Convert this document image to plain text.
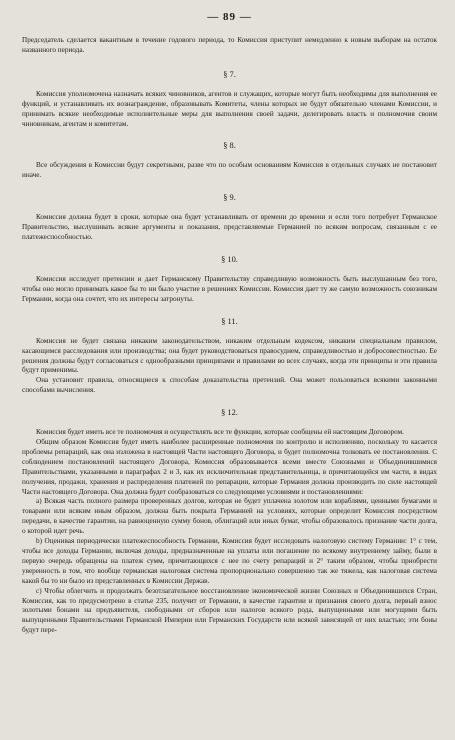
— 89 —

Председатель сделается вакантным в течение годового периода, то Комиссия приступит немедленно к новым выборам на остаток названного периода.

§ 7.

Комиссия уполномочена назначать всяких чиновников, агентов и служащих, которые могут быть необходимы для выполнения ее функций, и устанавливать их вознаграждение, образовывать Комитеты, члены которых не будут обязательно членами Комиссии, и принимать всякие необходимые исполнительные меры для выполнения своей задачи, делегировать власть и полномочия своим чиновникам, агентам и комитетам.

§ 8.

Все обсуждения в Комиссии будут секретными, разве что по особым основаниям Комиссия в отдельных случаях не постановит иначе.

§ 9.

Комиссия должна будет в сроки, которые она будет устанавливать от времени до времени и если того потребует Германское Правительство, выслушивать всякие аргументы и показания, представляемые Германией по всяким вопросам, связанным с ее платежеспособностью.

§ 10.

Комиссия исследует претензии и дает Германскому Правительству справедливую возможность быть выслушанным без того, чтобы оно могло принимать какое бы то ни было участие в решениях Комиссии. Комиссия дает ту же самую возможность союзникам Германии, когда она сочтет, что их интересы затронуты.

§ 11.

Комиссия не будет связана никаким законодательством, никаким отдельным кодексом, никаким специальным правилом, касающимся расследования или производства; она будет руководствоваться правосудием, справедливостью и добросовестностью. Ее решения должны будут согласоваться с однообразными принципами и правилами во всех случаях, когда эти принципы и эти правила будут применимы.

Она установит правила, относящиеся к способам доказательства претензий. Она может пользоваться всякими законными способами вычисления.

§ 12.

Комиссия будет иметь все те полномочия и осуществлять все те функции, которые сообщены ей настоящим Договором.

Общим образом Комиссия будет иметь наиболее расширенные полномочия по контролю и исполнению, поскольку то касается проблемы репараций, как она изложена в настоящей Части настоящего Договора, и будет полномочна толковать ее постановления. С соблюдением постановлений настоящего Договора, Комиссия образовывается всеми вместе Союзными и Объединившимися Правительствами, указанными в параграфах 2 и 3, как их исключительная представительница, в причитающейся им части, в видах получения, продажи, хранения и распределения платежей по репарации, которые Германия должна производить по силе настоящей Части настоящего Договора. Она должна будет сообразоваться со следующими условиями и постановлениями:

a) Всякая часть полного размера проверенных долгов, которая не будет уплачена золотом или кораблями, ценными бумагами и товарами или всяким иным образом, должна быть покрыта Германией на условиях, которые определит Комиссия посредством передачи, в качестве гарантии, на равноценную сумму бонов, облигаций или иных бумаг, чтобы образовалось признание части долга, о которой идет речь.

b) Оценивая периодически платежеспособность Германии, Комиссия будет исследовать налоговую систему Германии: 1° с тем, чтобы все доходы Германии, включая доходы, предназначенные на уплаты или погашение по всякому внутреннему займу, были в первую очередь обращены на платеж сумм, причитающихся с нее по счету репараций и 2° таким образом, чтобы приобрести уверенность в том, что вообще германская налоговая система пропорционально совершенно так же тяжела, как налоговая система какой бы то ни было из представленных в Комиссии Держав.

c) Чтобы облегчить и продолжать безотлагательное восстановление экономической жизни Союзных и Объединившихся Стран, Комиссия, как то предусмотрено в статье 235, получит от Германии, в качестве гарантии и признания своего долга, первый взнос золотыми бонами на предъявителя, свободными от сборов или налогов всякого рода, выпущенными или могущими быть выпущенными Правительствами Германской Империи или Германских Государств или всякой зависящей от них властью; эти боны будут пере-
